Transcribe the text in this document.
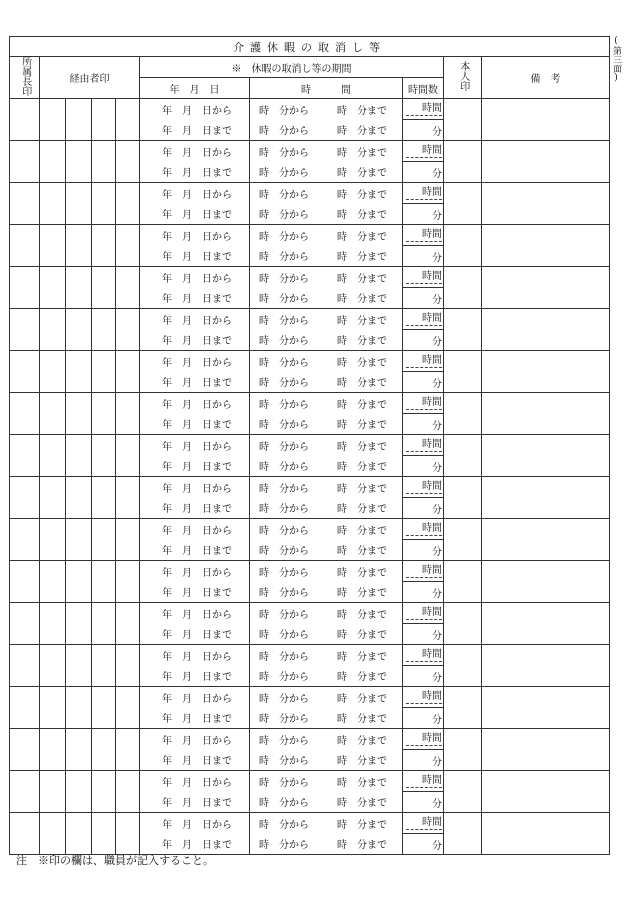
(第三面)
介護休暇の取消し等									
所属長印	経由者印				※　休暇の取消し等の期間			本人印	備　考
					年　月　日	時　　　間	時間数		
					年　月　日から	時　分から 時　分まで	時間		
					年　月　日まで	時　分から 時　分まで	分		
					年　月　日から	時　分から 時　分まで	時間		
					年　月　日まで	時　分から 時　分まで	分		
					年　月　日から	時　分から 時　分まで	時間		
					年　月　日まで	時　分から 時　分まで	分		
					年　月　日から	時　分から 時　分まで	時間		
					年　月　日まで	時　分から 時　分まで	分		
					年　月　日から	時　分から 時　分まで	時間		
					年　月　日まで	時　分から 時　分まで	分		
					年　月　日から	時　分から 時　分まで	時間		
					年　月　日まで	時　分から 時　分まで	分		
					年　月　日から	時　分から 時　分まで	時間		
					年　月　日まで	時　分から 時　分まで	分		
					年　月　日から	時　分から 時　分まで	時間		
					年　月　日まで	時　分から 時　分まで	分		
					年　月　日から	時　分から 時　分まで	時間		
					年　月　日まで	時　分から 時　分まで	分		
					年　月　日から	時　分から 時　分まで	時間		
					年　月　日まで	時　分から 時　分まで	分		
					年　月　日から	時　分から 時　分まで	時間		
					年　月　日まで	時　分から 時　分まで	分		
					年　月　日から	時　分から 時　分まで	時間		
					年　月　日まで	時　分から 時　分まで	分		
					年　月　日から	時　分から 時　分まで	時間		
					年　月　日まで	時　分から 時　分まで	分		
					年　月　日から	時　分から 時　分まで	時間		
					年　月　日まで	時　分から 時　分まで	分		
					年　月　日から	時　分から 時　分まで	時間		
					年　月　日まで	時　分から 時　分まで	分		
					年　月　日から	時　分から 時　分まで	時間		
					年　月　日まで	時　分から 時　分まで	分		
					年　月　日から	時　分から 時　分まで	時間		
					年　月　日まで	時　分から 時　分まで	分		
					年　月　日から	時　分から 時　分まで	時間		
					年　月　日まで	時　分から 時　分まで	分		
注　※印の欄は、職員が記入すること。
